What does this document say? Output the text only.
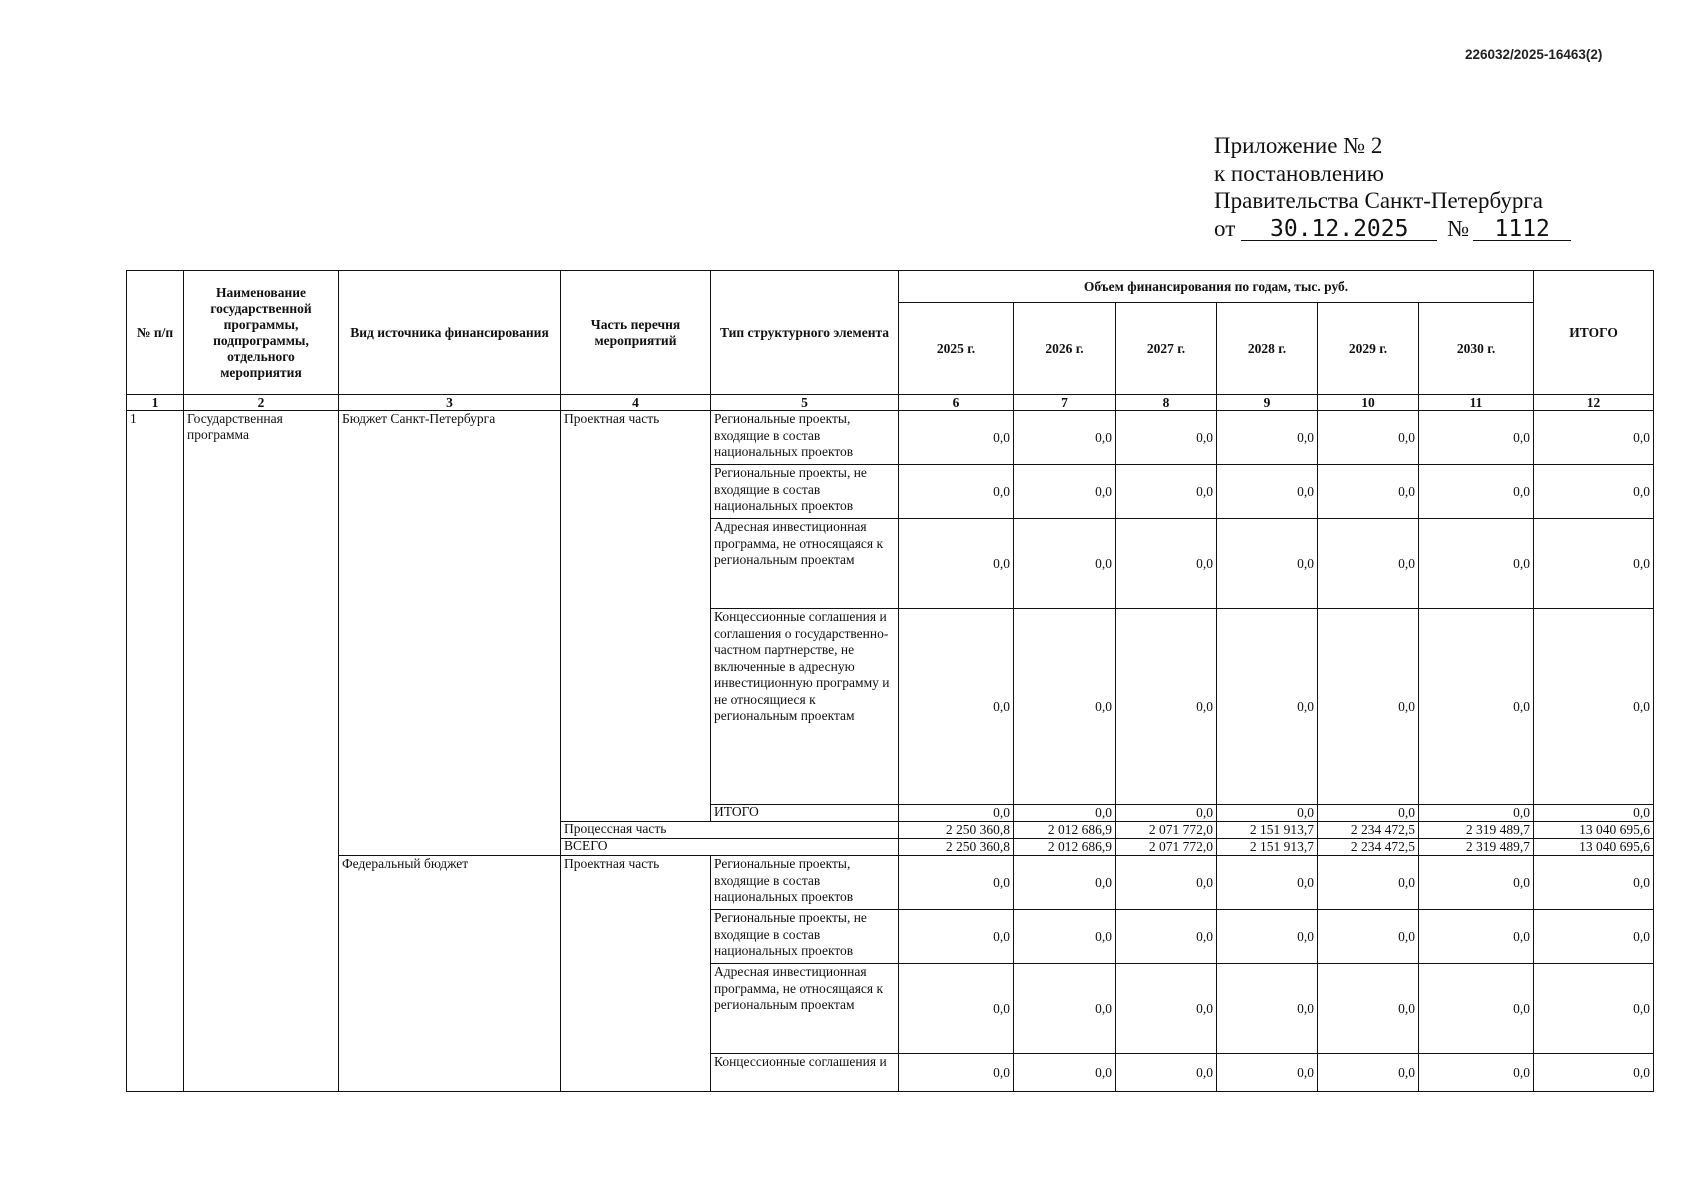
226032/2025-16463(2)
Приложение № 2
к постановлению
Правительства Санкт-Петербурга
от 30.12.2025 № 1112
№ п/п	Наименование государственной программы, подпрограммы, отдельного мероприятия	Вид источника финансирования	Часть перечня мероприятий	Тип структурного элемента	Объем финансирования по годам, тыс. руб.						ИТОГО
					2025 г.	2026 г.	2027 г.	2028 г.	2029 г.	2030 г.	
1	2	3	4	5	6	7	8	9	10	11	12
1	Государственная программа	Бюджет Санкт-Петербурга	Проектная часть	Региональные проекты, входящие в состав национальных проектов	0,0	0,0	0,0	0,0	0,0	0,0	0,0
				Региональные проекты, не входящие в состав национальных проектов	0,0	0,0	0,0	0,0	0,0	0,0	0,0
				Адресная инвестиционная программа, не относящаяся к региональным проектам	0,0	0,0	0,0	0,0	0,0	0,0	0,0
				Концессионные соглашения и соглашения о государственно-частном партнерстве, не включенные в адресную инвестиционную программу и не относящиеся к региональным проектам	0,0	0,0	0,0	0,0	0,0	0,0	0,0
				ИТОГО	0,0	0,0	0,0	0,0	0,0	0,0	0,0
			Процессная часть		2 250 360,8	2 012 686,9	2 071 772,0	2 151 913,7	2 234 472,5	2 319 489,7	13 040 695,6
			ВСЕГО		2 250 360,8	2 012 686,9	2 071 772,0	2 151 913,7	2 234 472,5	2 319 489,7	13 040 695,6
		Федеральный бюджет	Проектная часть	Региональные проекты, входящие в состав национальных проектов	0,0	0,0	0,0	0,0	0,0	0,0	0,0
				Региональные проекты, не входящие в состав национальных проектов	0,0	0,0	0,0	0,0	0,0	0,0	0,0
				Адресная инвестиционная программа, не относящаяся к региональным проектам	0,0	0,0	0,0	0,0	0,0	0,0	0,0
				Концессионные соглашения и	0,0	0,0	0,0	0,0	0,0	0,0	0,0
